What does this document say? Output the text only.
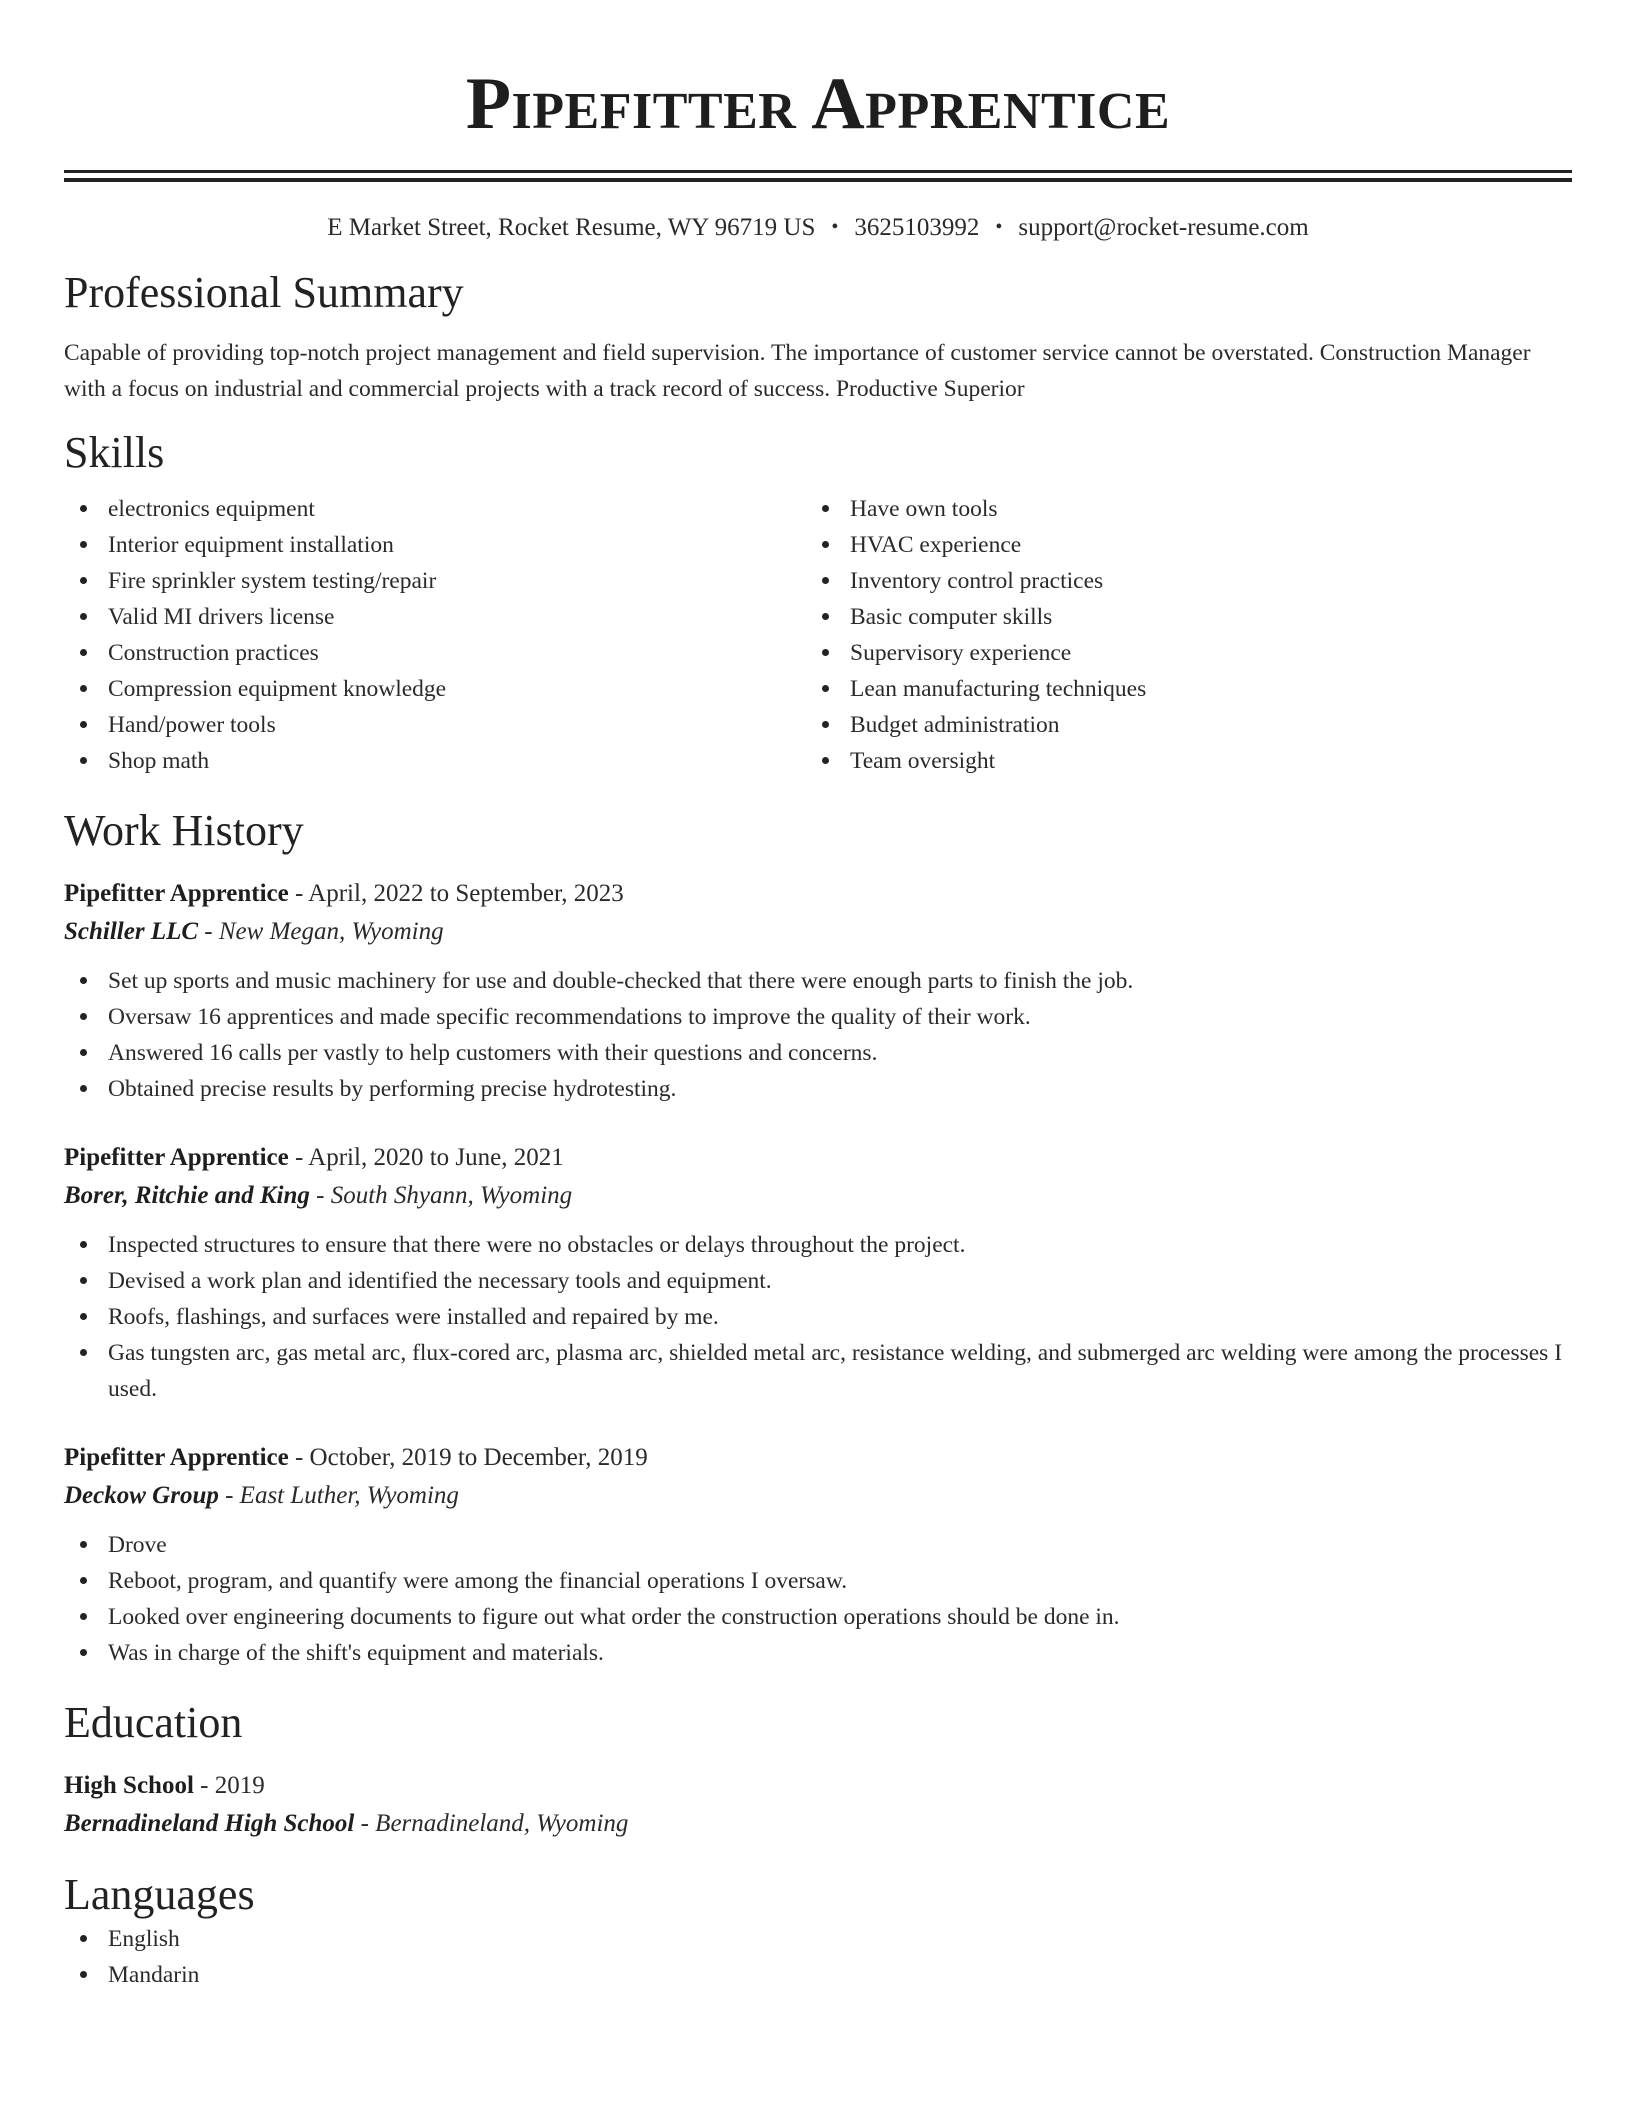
Pipefitter Apprentice
E Market Street, Rocket Resume, WY 96719 US • 3625103992 • support@rocket-resume.com
Professional Summary
Capable of providing top-notch project management and field supervision. The importance of customer service cannot be overstated. Construction Manager with a focus on industrial and commercial projects with a track record of success. Productive Superior
Skills
electronics equipment
Interior equipment installation
Fire sprinkler system testing/repair
Valid MI drivers license
Construction practices
Compression equipment knowledge
Hand/power tools
Shop math
Have own tools
HVAC experience
Inventory control practices
Basic computer skills
Supervisory experience
Lean manufacturing techniques
Budget administration
Team oversight
Work History
Pipefitter Apprentice - April, 2022 to September, 2023
Schiller LLC - New Megan, Wyoming
Set up sports and music machinery for use and double-checked that there were enough parts to finish the job.
Oversaw 16 apprentices and made specific recommendations to improve the quality of their work.
Answered 16 calls per vastly to help customers with their questions and concerns.
Obtained precise results by performing precise hydrotesting.
Pipefitter Apprentice - April, 2020 to June, 2021
Borer, Ritchie and King - South Shyann, Wyoming
Inspected structures to ensure that there were no obstacles or delays throughout the project.
Devised a work plan and identified the necessary tools and equipment.
Roofs, flashings, and surfaces were installed and repaired by me.
Gas tungsten arc, gas metal arc, flux-cored arc, plasma arc, shielded metal arc, resistance welding, and submerged arc welding were among the processes I used.
Pipefitter Apprentice - October, 2019 to December, 2019
Deckow Group - East Luther, Wyoming
Drove
Reboot, program, and quantify were among the financial operations I oversaw.
Looked over engineering documents to figure out what order the construction operations should be done in.
Was in charge of the shift's equipment and materials.
Education
High School - 2019
Bernadineland High School - Bernadineland, Wyoming
Languages
English
Mandarin
